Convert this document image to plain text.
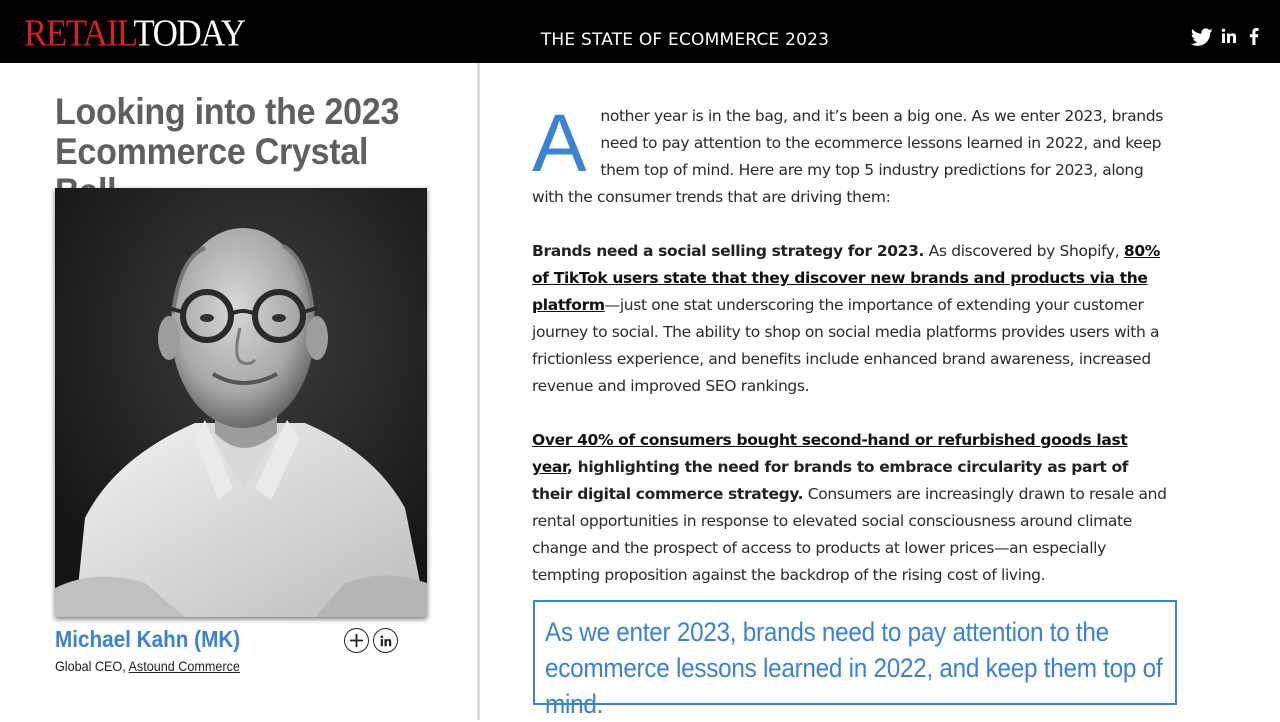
RETAILTODAY	THE STATE OF ECOMMERCE 2023
Looking into the 2023 Ecommerce Crystal
Michael Kahn (MK)
Global CEO, Astound Commerce

Another year is in the bag, and it’s been a big one. As we enter 2023, brands need to pay attention to the ecommerce lessons learned in 2022, and keep them top of mind. Here are my top 5 industry predictions for 2023, along with the consumer trends that are driving them:

Brands need a social selling strategy for 2023. As discovered by Shopify, 80% of TikTok users state that they discover new brands and products via the platform—just one stat underscoring the importance of extending your customer journey to social. The ability to shop on social media platforms provides users with a frictionless experience, and benefits include enhanced brand awareness, increased revenue and improved SEO rankings.

Over 40% of consumers bought second-hand or refurbished goods last year, highlighting the need for brands to embrace circularity as part of their digital commerce strategy. Consumers are increasingly drawn to resale and rental opportunities in response to elevated social consciousness around climate change and the prospect of access to products at lower prices—an especially tempting proposition against the backdrop of the rising cost of living.

As we enter 2023, brands need to pay attention to the ecommerce lessons learned in 2022, and keep them top of mind.
